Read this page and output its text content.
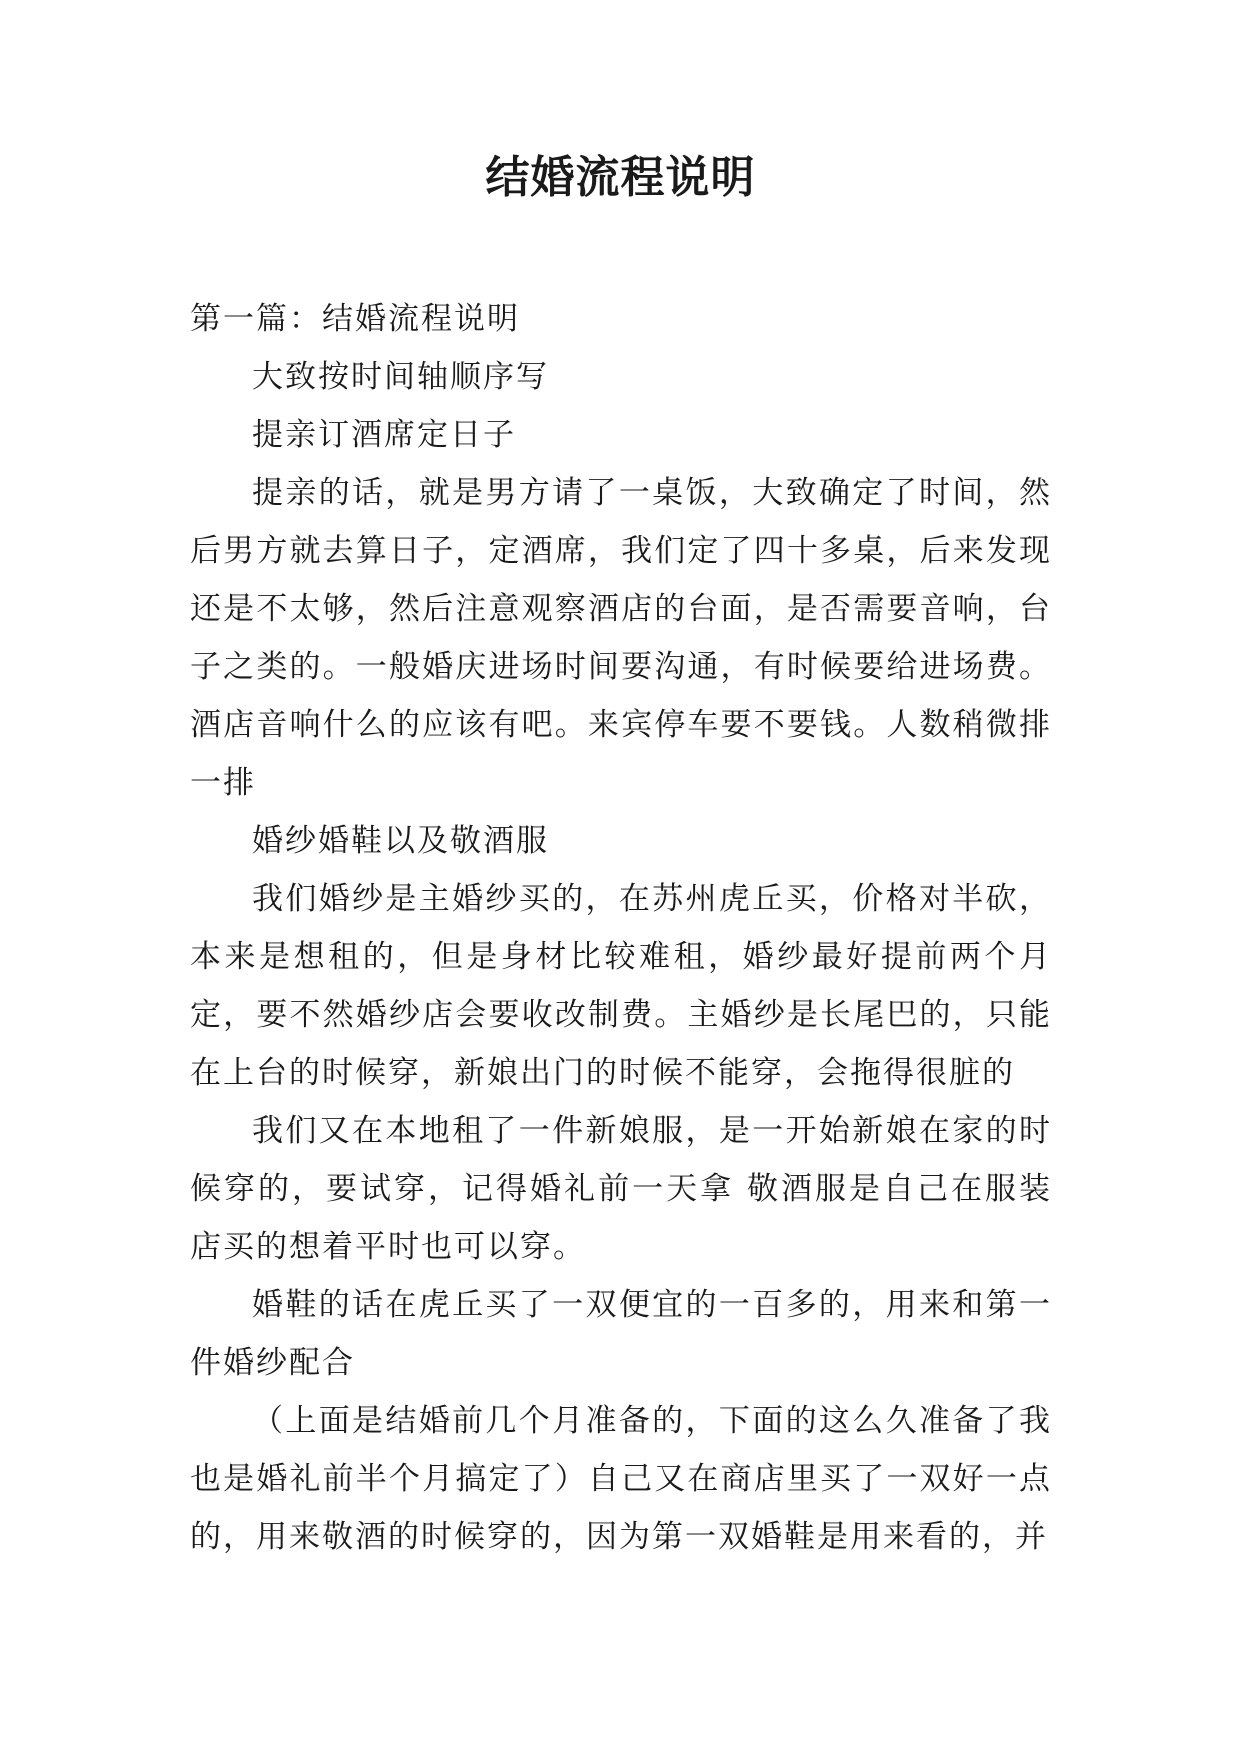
结婚流程说明

第一篇：结婚流程说明

大致按时间轴顺序写

提亲订酒席定日子

提亲的话，就是男方请了一桌饭，大致确定了时间，然后男方就去算日子，定酒席，我们定了四十多桌，后来发现还是不太够，然后注意观察酒店的台面，是否需要音响，台子之类的。一般婚庆进场时间要沟通，有时候要给进场费。酒店音响什么的应该有吧。来宾停车要不要钱。人数稍微排一排

婚纱婚鞋以及敬酒服

我们婚纱是主婚纱买的，在苏州虎丘买，价格对半砍，本来是想租的，但是身材比较难租，婚纱最好提前两个月定，要不然婚纱店会要收改制费。主婚纱是长尾巴的，只能在上台的时候穿，新娘出门的时候不能穿，会拖得很脏的

我们又在本地租了一件新娘服，是一开始新娘在家的时候穿的，要试穿，记得婚礼前一天拿 敬酒服是自己在服装店买的想着平时也可以穿。

婚鞋的话在虎丘买了一双便宜的一百多的，用来和第一件婚纱配合

（上面是结婚前几个月准备的，下面的这么久准备了我也是婚礼前半个月搞定了）自己又在商店里买了一双好一点的，用来敬酒的时候穿的，因为第一双婚鞋是用来看的，并
